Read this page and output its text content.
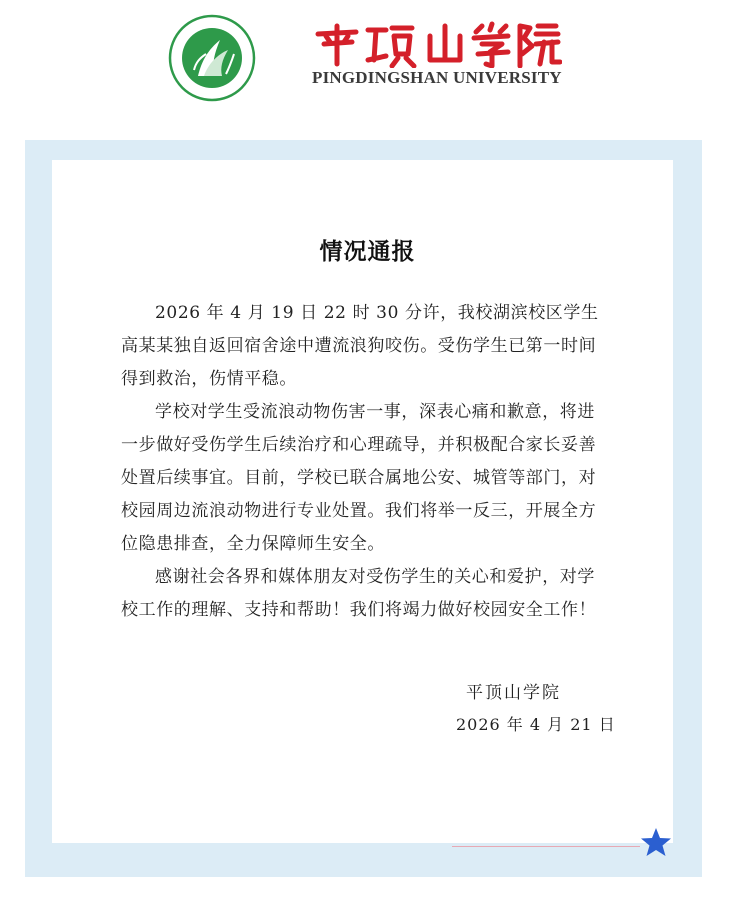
PINGDINGSHAN UNIVERSITY
情况通报

2026 年 4 月 19 日 22 时 30 分许，我校湖滨校区学生高某某独自返回宿舍途中遭流浪狗咬伤。受伤学生已第一时间得到救治，伤情平稳。

学校对学生受流浪动物伤害一事，深表心痛和歉意，将进一步做好受伤学生后续治疗和心理疏导，并积极配合家长妥善处置后续事宜。目前，学校已联合属地公安、城管等部门，对校园周边流浪动物进行专业处置。我们将举一反三，开展全方位隐患排查，全力保障师生安全。

感谢社会各界和媒体朋友对受伤学生的关心和爱护，对学校工作的理解、支持和帮助！我们将竭力做好校园安全工作！

平顶山学院
2026 年 4 月 21 日
